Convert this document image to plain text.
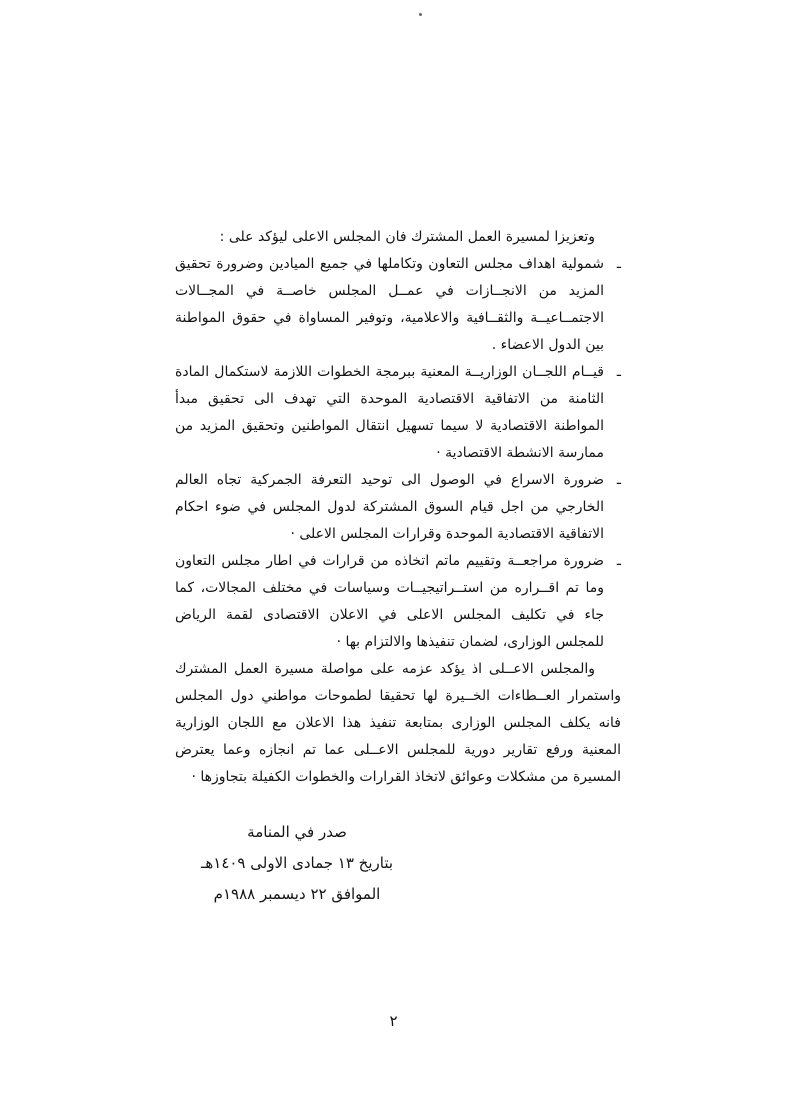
وتعزيزا لمسيرة العمل المشترك فان المجلس الاعلى ليؤكد على :

ـ
شمولية اهداف مجلس التعاون وتكاملها في جميع الميادين وضرورة تحقيق المزيد من الانجــازات في عمــل المجلس خاصــة في المجــالات الاجتمــاعيــة والثقــافية والاعلامية، وتوفير المساواة في حقوق المواطنة بين الدول الاعضاء .
ـ
قيــام اللجــان الوزاريــة المعنية ببرمجة الخطوات اللازمة لاستكمال المادة الثامنة من الاتفاقية الاقتصادية الموحدة التي تهدف الى تحقيق مبدأ المواطنة الاقتصادية لا سيما تسهيل انتقال المواطنين وتحقيق المزيد من ممارسة الانشطة الاقتصادية ·
ـ
ضرورة الاسراع في الوصول الى توحيد التعرفة الجمركية تجاه العالم الخارجي من اجل قيام السوق المشتركة لدول المجلس في ضوء احكام الاتفاقية الاقتصادية الموحدة وقرارات المجلس الاعلى ·
ـ
ضرورة مراجعــة وتقييم ماتم اتخاذه من قرارات في اطار مجلس التعاون وما تم اقــراره من استــراتيجيــات وسياسات في مختلف المجالات، كما جاء في تكليف المجلس الاعلى في الاعلان الاقتصادى لقمة الرياض للمجلس الوزارى، لضمان تنفيذها والالتزام بها ·

والمجلس الاعــلى اذ يؤكد عزمه على مواصلة مسيرة العمل المشترك واستمرار العــطاءات الخــيرة لها تحقيقا لطموحات مواطني دول المجلس فانه يكلف المجلس الوزارى بمتابعة تنفيذ هذا الاعلان مع اللجان الوزارية المعنية ورفع تقارير دورية للمجلس الاعــلى عما تم انجازه وعما يعترض المسيرة من مشكلات وعوائق لاتخاذ القرارات والخطوات الكفيلة بتجاوزها ·

صدر في المنامة
بتاريخ ١٣ جمادى الاولى ١٤٠٩هـ
الموافق ٢٢ ديسمبر ١٩٨٨م
٢
